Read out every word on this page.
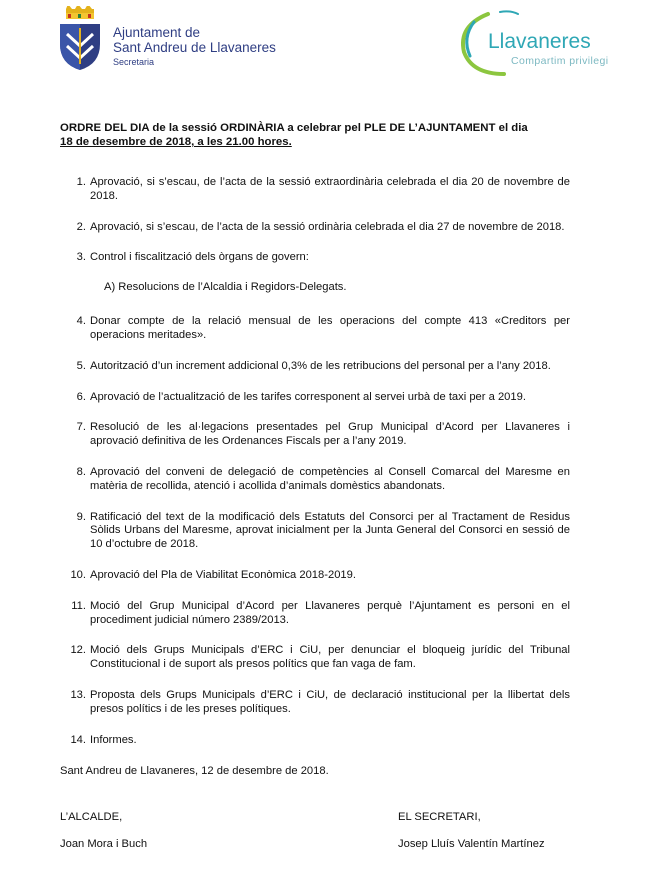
Ajuntament de
Sant Andreu de Llavaneres
Secretaria
Llavaneres
Compartim privilegi
ORDRE DEL DIA de la sessió ORDINÀRIA a celebrar pel PLE DE L’AJUNTAMENT el dia
18 de desembre de 2018, a les 21.00 hores.
1. Aprovació, si s’escau, de l’acta de la sessió extraordinària celebrada el dia 20 de novembre de 2018.
2. Aprovació, si s’escau, de l’acta de la sessió ordinària celebrada el dia 27 de novembre de 2018.
3. Control i fiscalització dels òrgans de govern:
4. Donar compte de la relació mensual de les operacions del compte 413 «Creditors per operacions meritades».
5. Autorització d’un increment addicional 0,3% de les retribucions del personal per a l’any 2018.
6. Aprovació de l’actualització de les tarifes corresponent al servei urbà de taxi per a 2019.
7. Resolució de les al·legacions presentades pel Grup Municipal d’Acord per Llavaneres i aprovació definitiva de les Ordenances Fiscals per a l’any 2019.
8. Aprovació del conveni de delegació de competències al Consell Comarcal del Maresme en matèria de recollida, atenció i acollida d’animals domèstics abandonats.
9. Ratificació del text de la modificació dels Estatuts del Consorci per al Tractament de Residus Sòlids Urbans del Maresme, aprovat inicialment per la Junta General del Consorci en sessió de 10 d’octubre de 2018.
10. Aprovació del Pla de Viabilitat Econòmica 2018-2019.
11. Moció del Grup Municipal d’Acord per Llavaneres perquè l’Ajuntament es personi en el procediment judicial número 2389/2013.
12. Moció dels Grups Municipals d’ERC i CiU, per denunciar el bloqueig jurídic del Tribunal Constitucional i de suport als presos polítics que fan vaga de fam.
13. Proposta dels Grups Municipals d’ERC i CiU, de declaració institucional per la llibertat dels presos polítics i de les preses polítiques.
14. Informes.
A) Resolucions de l’Alcaldia i Regidors-Delegats.
Sant Andreu de Llavaneres, 12 de desembre de 2018.
L’ALCALDE,
Joan Mora i Buch
EL SECRETARI,
Josep Lluís Valentín Martínez
